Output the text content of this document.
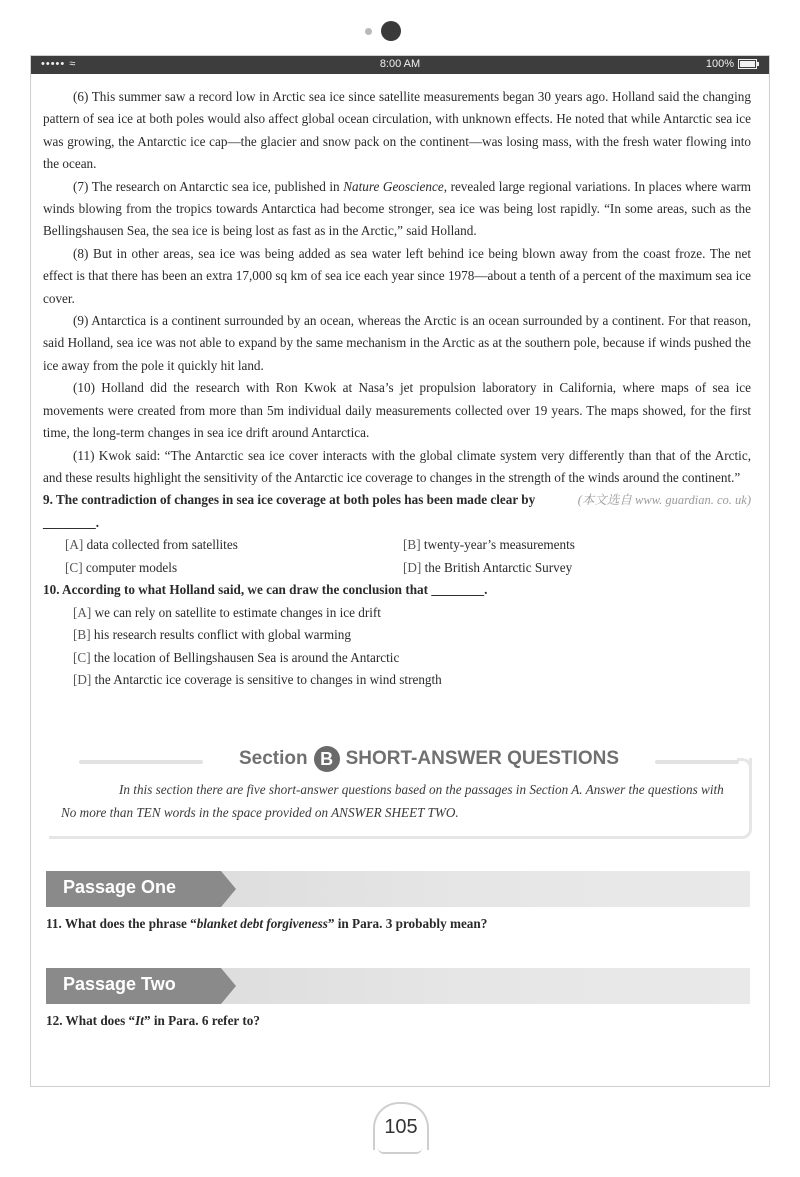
••••• ≈	8:00 AM	100%

(6) This summer saw a record low in Arctic sea ice since satellite measurements began 30 years ago. Holland said the changing pattern of sea ice at both poles would also affect global ocean circulation, with unknown effects. He noted that while Antarctic sea ice was growing, the Antarctic ice cap—the glacier and snow pack on the continent—was losing mass, with the fresh water flowing into the ocean.

(7) The research on Antarctic sea ice, published in Nature Geoscience, revealed large regional variations. In places where warm winds blowing from the tropics towards Antarctica had become stronger, sea ice was being lost rapidly. “In some areas, such as the Bellingshausen Sea, the sea ice is being lost as fast as in the Arctic,” said Holland.

(8) But in other areas, sea ice was being added as sea water left behind ice being blown away from the coast froze. The net effect is that there has been an extra 17,000 sq km of sea ice each year since 1978—about a tenth of a percent of the maximum sea ice cover.

(9) Antarctica is a continent surrounded by an ocean, whereas the Arctic is an ocean surrounded by a continent. For that reason, said Holland, sea ice was not able to expand by the same mechanism in the Arctic as at the southern pole, because if winds pushed the ice away from the pole it quickly hit land.

(10) Holland did the research with Ron Kwok at Nasa’s jet propulsion laboratory in California, where maps of sea ice movements were created from more than 5m individual daily measurements collected over 19 years. The maps showed, for the first time, the long-term changes in sea ice drift around Antarctica.

(11) Kwok said: “The Antarctic sea ice cover interacts with the global climate system very differently than that of the Arctic, and these results highlight the sensitivity of the Antarctic ice coverage to changes in the strength of the winds around the continent.”
(本文选自 www. guardian. co. uk)

9. The contradiction of changes in sea ice coverage at both poles has been made clear by ________.

[A] data collected from satellites	[B] twenty-year’s measurements

[C] computer models	[D] the British Antarctic Survey

10. According to what Holland said, we can draw the conclusion that ________.

[A] we can rely on satellite to estimate changes in ice drift

[B] his research results conflict with global warming

[C] the location of Bellingshausen Sea is around the Antarctic

[D] the Antarctic ice coverage is sensitive to changes in wind strength

Section B SHORT-ANSWER QUESTIONS
In this section there are five short-answer questions based on the passages in Section A. Answer the questions with No more than TEN words in the space provided on ANSWER SHEET TWO.
Passage One

11. What does the phrase “blanket debt forgiveness” in Para. 3 probably mean?

Passage Two

12. What does “It” in Para. 6 refer to?

105
